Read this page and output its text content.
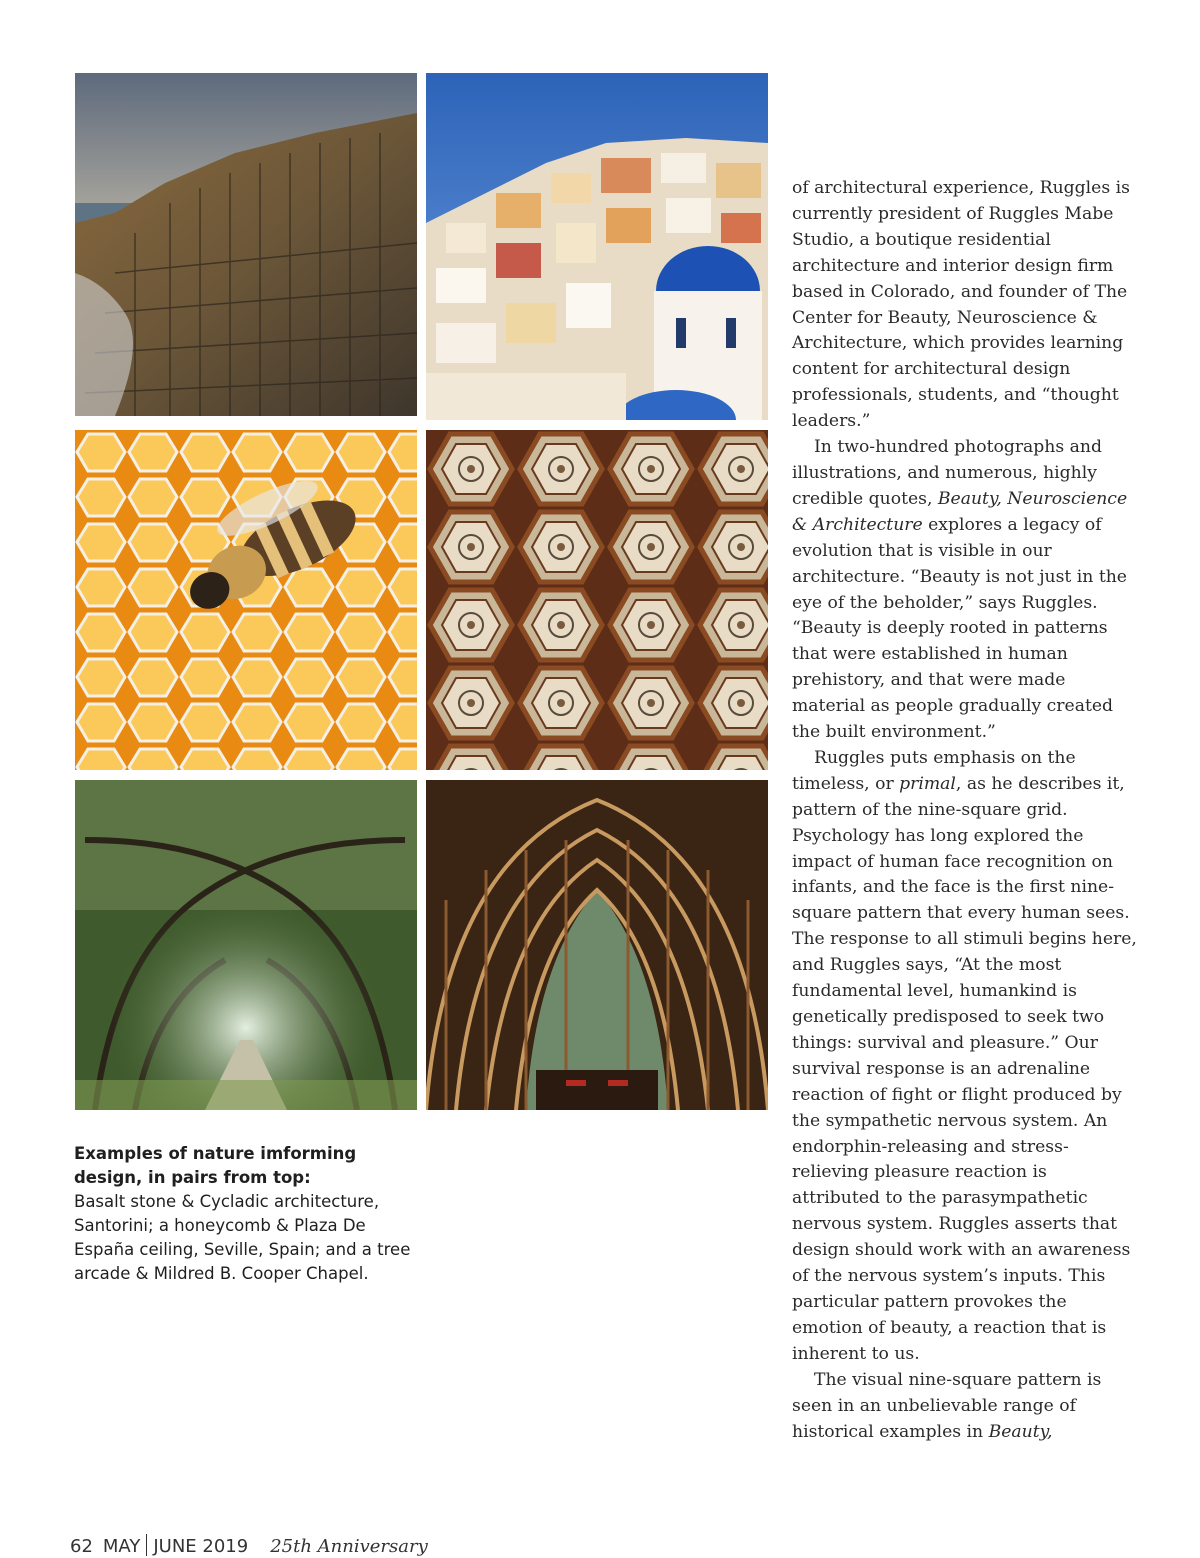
Examples of nature imforming design, in pairs from top:
Basalt stone & Cycladic architecture, Santorini; a honeycomb & Plaza De España ceiling, Seville, Spain; and a tree arcade & Mildred B. Cooper Chapel.

of architectural experience, Ruggles is currently president of Ruggles Mabe Studio, a boutique residential architecture and interior design firm based in Colorado, and founder of The Center for Beauty, Neuroscience & Architecture, which provides learning content for architectural design professionals, students, and “thought leaders.”

In two-hundred photographs and illustrations, and numerous, highly credible quotes, Beauty, Neuroscience & Architecture explores a legacy of evolution that is visible in our architecture. “Beauty is not just in the eye of the beholder,” says Ruggles. “Beauty is deeply rooted in patterns that were established in human prehistory, and that were made material as people gradually created the built environment.”

Ruggles puts emphasis on the timeless, or primal, as he describes it, pattern of the nine-square grid. Psychology has long explored the impact of human face recognition on infants, and the face is the first nine-square pattern that every human sees. The response to all stimuli begins here, and Ruggles says, “At the most fundamental level, humankind is genetically predisposed to seek two things: survival and pleasure.” Our survival response is an adrenaline reaction of fight or flight produced by the sympathetic nervous system. An endorphin-releasing and stress-relieving pleasure reaction is attributed to the parasympathetic nervous system. Ruggles asserts that design should work with an awareness of the nervous system’s inputs. This particular pattern provokes the emotion of beauty, a reaction that is inherent to us.

The visual nine-square pattern is seen in an unbelievable range of historical examples in Beauty,

62 MAY JUNE 2019 25th Anniversary
